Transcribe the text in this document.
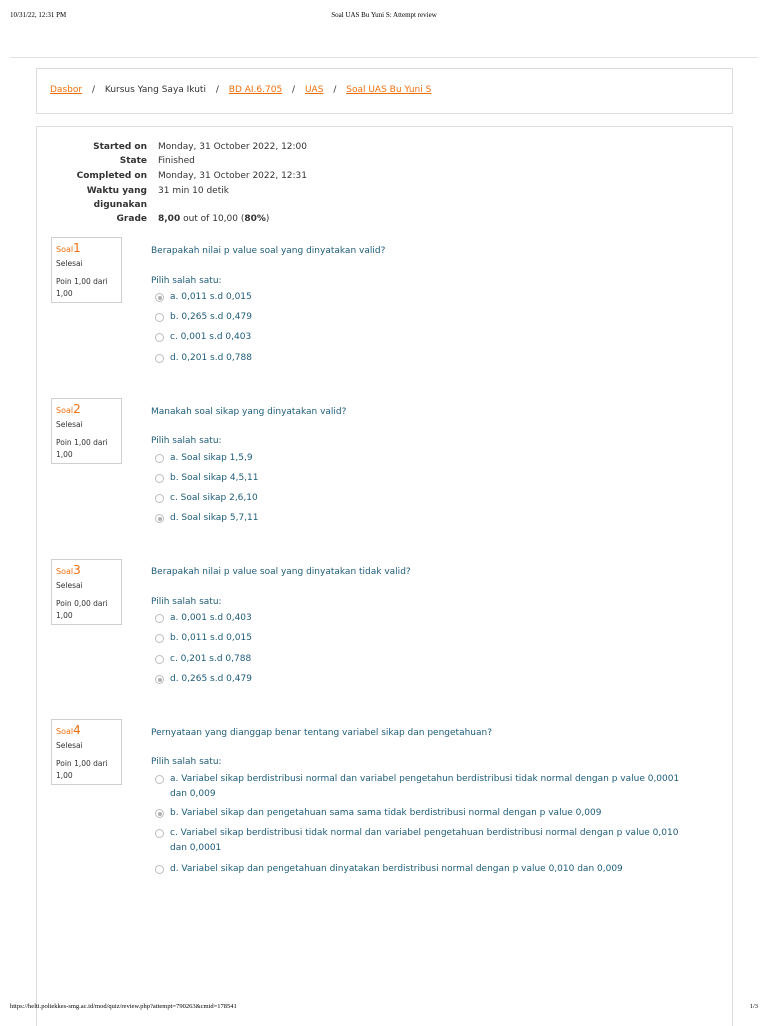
10/31/22, 12:31 PM	Soal UAS Bu Yuni S: Attempt review
Dasbor / Kursus Yang Saya Ikuti / BD AI.6.705 / UAS / Soal UAS Bu Yuni S
Started on Monday, 31 October 2022, 12:00
State Finished
Completed on Monday, 31 October 2022, 12:31
Waktu yang 31 min 10 detik
digunakan
Grade 8,00 out of 10,00 (80%)
Soal1
Selesai
Poin 1,00 dari 1,00
Berapakah nilai p value soal yang dinyatakan valid?
Pilih salah satu:
a. 0,011 s.d 0,015
b. 0,265 s.d 0,479
c. 0,001 s.d 0,403
d. 0,201 s.d 0,788
Soal2
Selesai
Poin 1,00 dari 1,00
Manakah soal sikap yang dinyatakan valid?
Pilih salah satu:
a. Soal sikap 1,5,9
b. Soal sikap 4,5,11
c. Soal sikap 2,6,10
d. Soal sikap 5,7,11
Soal3
Selesai
Poin 0,00 dari 1,00
Berapakah nilai p value soal yang dinyatakan tidak valid?
Pilih salah satu:
a. 0,001 s.d 0,403
b. 0,011 s.d 0,015
c. 0,201 s.d 0,788
d. 0,265 s.d 0,479
Soal4
Selesai
Poin 1,00 dari 1,00
Pernyataan yang dianggap benar tentang variabel sikap dan pengetahuan?
Pilih salah satu:
a. Variabel sikap berdistribusi normal dan variabel pengetahun berdistribusi tidak normal dengan p value 0,0001 dan 0,009
b. Variabel sikap dan pengetahuan sama sama tidak berdistribusi normal dengan p value 0,009
c. Variabel sikap berdistribusi tidak normal dan variabel pengetahuan berdistribusi normal dengan p value 0,010 dan 0,0001
d. Variabel sikap dan pengetahuan dinyatakan berdistribusi normal dengan p value 0,010 dan 0,009
https://helti.poltekkes-smg.ac.id/mod/quiz/review.php?attempt=790263&cmid=178541	1/3
